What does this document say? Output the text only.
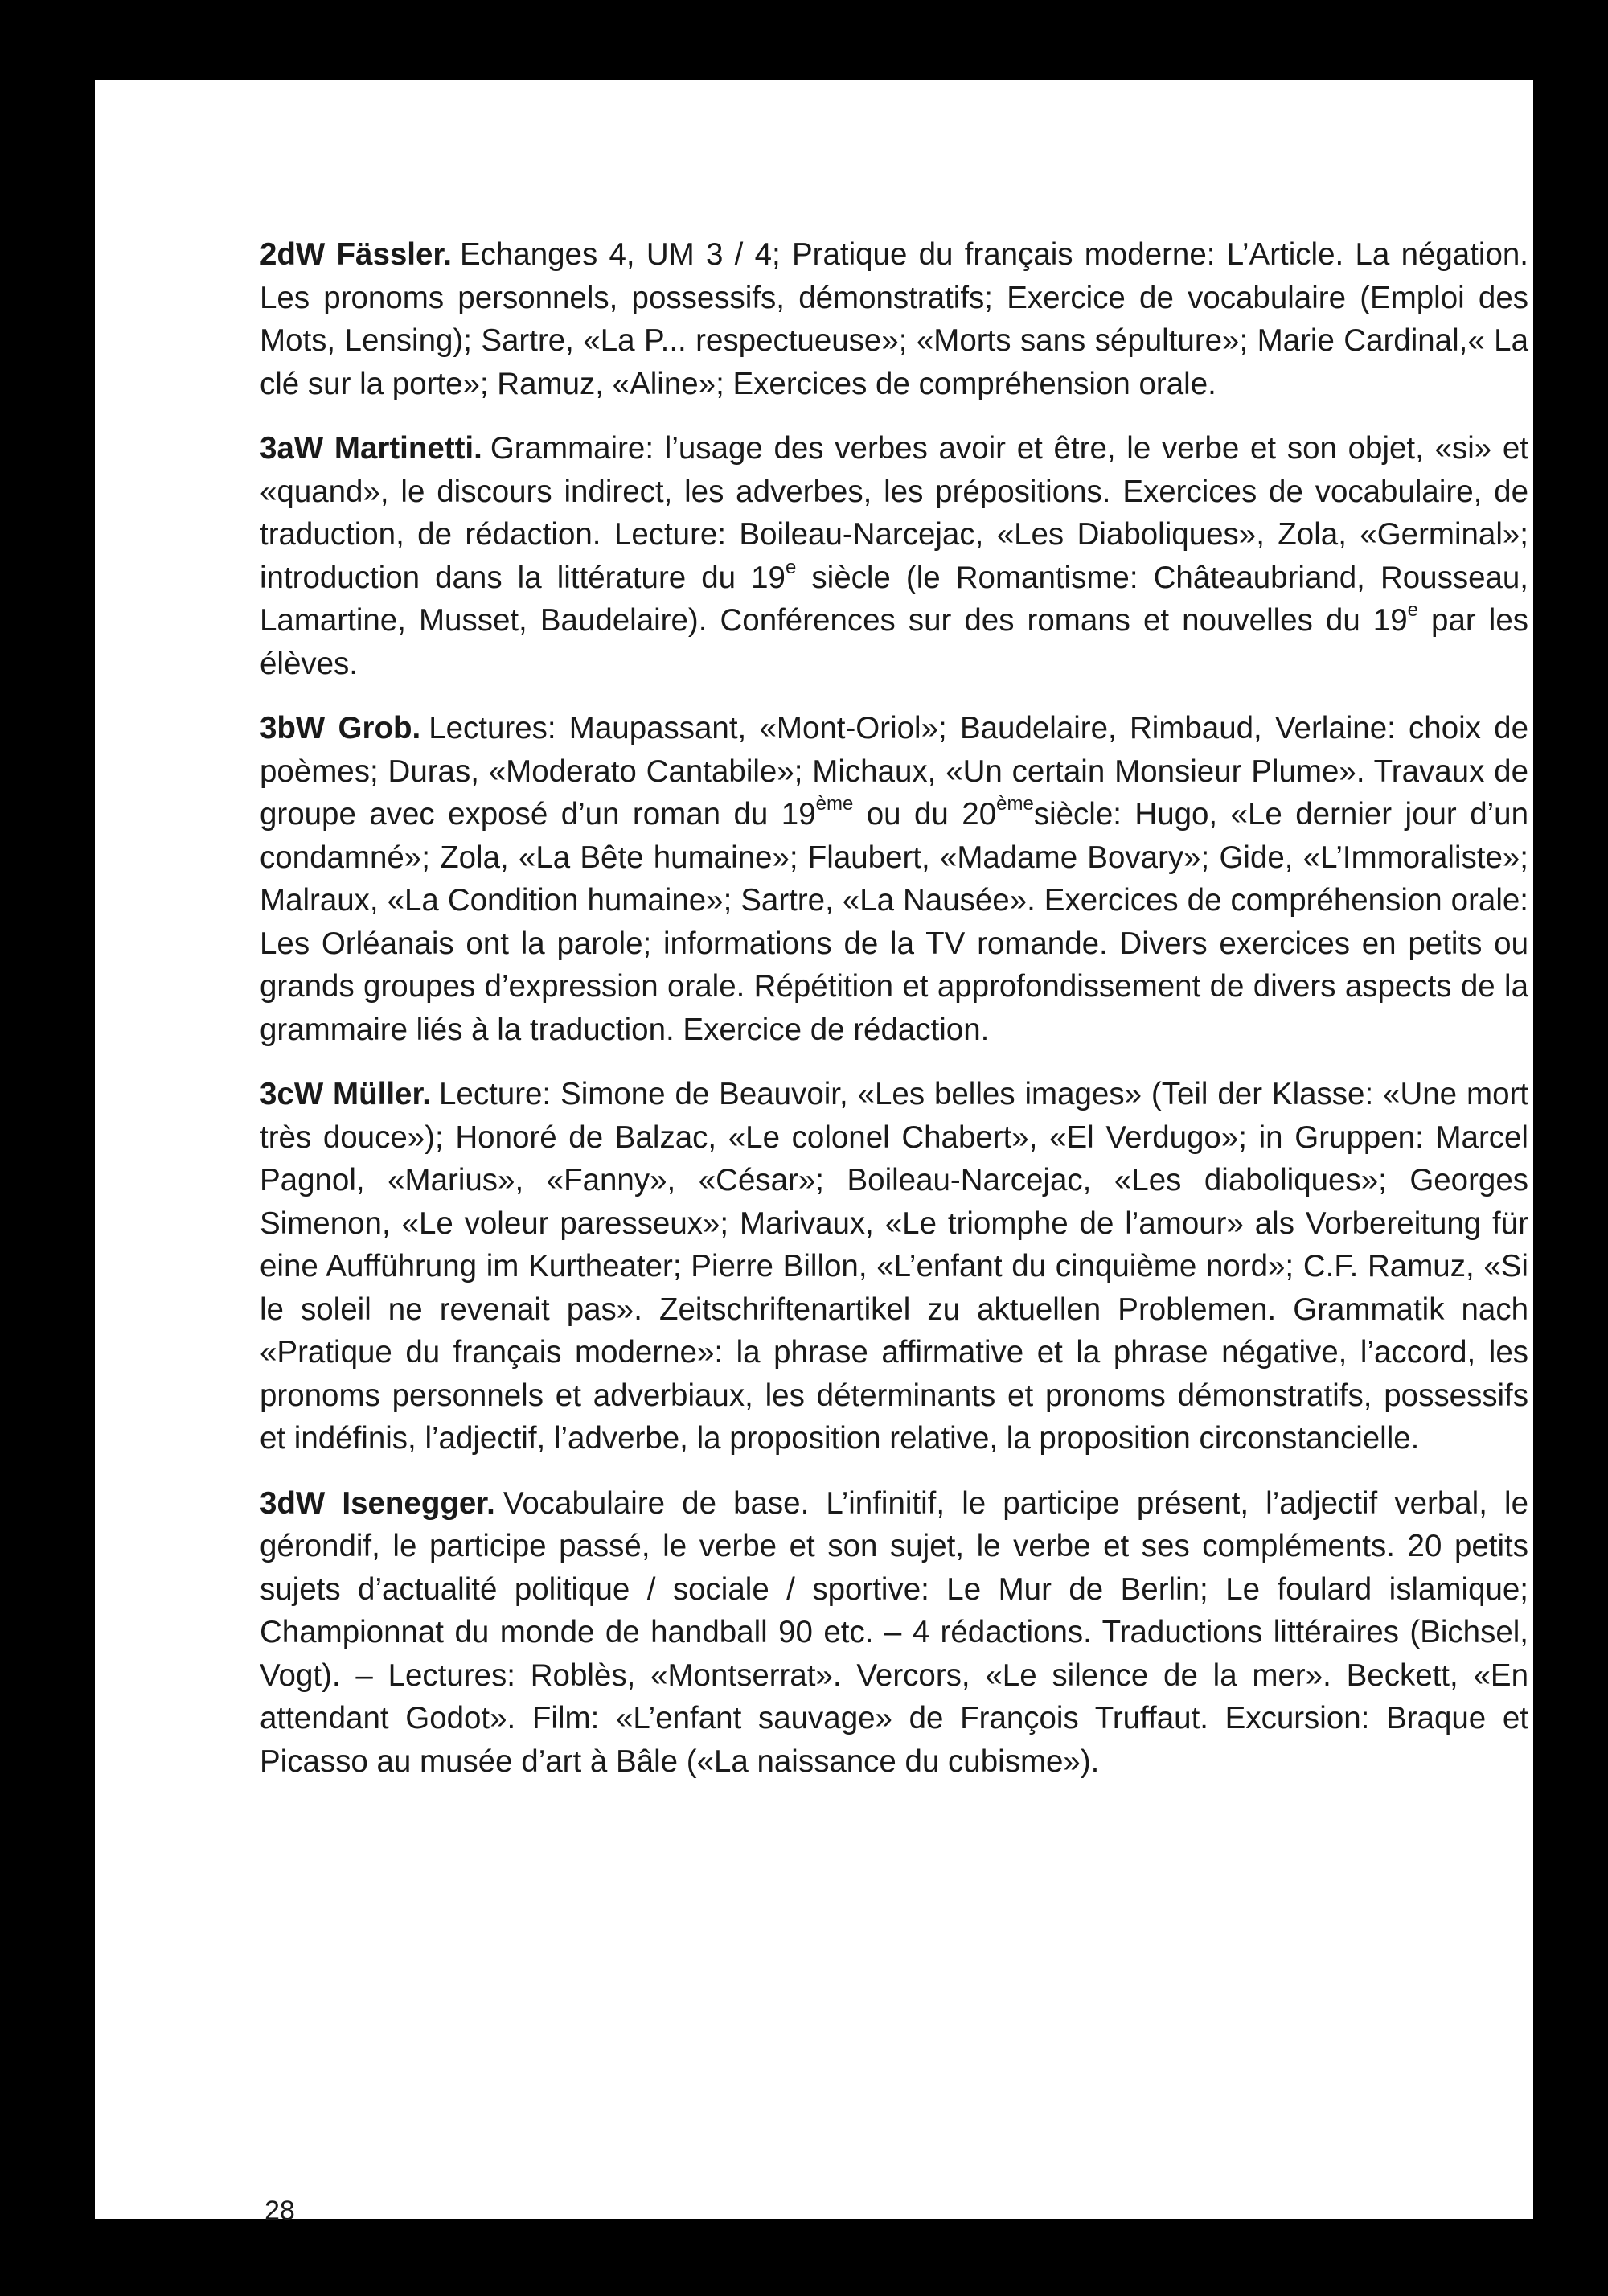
2dW Fässler. Echanges 4, UM 3 / 4; Pratique du français moderne: L’Article. La négation. Les pronoms personnels, possessifs, démonstratifs; Exercice de vocabulaire (Emploi des Mots, Lensing); Sartre, «La P... respectueuse»; «Morts sans sépulture»; Marie Cardinal,« La clé sur la porte»; Ramuz, «Aline»; Exercices de compréhension orale.

3aW Martinetti. Grammaire: l’usage des verbes avoir et être, le verbe et son objet, «si» et «quand», le discours indirect, les adverbes, les prépositions. Exercices de vocabulaire, de traduction, de rédaction. Lecture: Boileau-Narcejac, «Les Diaboliques», Zola, «Germinal»; introduction dans la littérature du 19e siècle (le Romantisme: Châteaubriand, Rousseau, Lamartine, Musset, Baudelaire). Conférences sur des romans et nouvelles du 19e par les élèves.

3bW Grob. Lectures: Maupassant, «Mont-Oriol»; Baudelaire, Rimbaud, Verlaine: choix de poèmes; Duras, «Moderato Cantabile»; Michaux, «Un certain Monsieur Plume». Travaux de groupe avec exposé d’un roman du 19ème ou du 20èmesiècle: Hugo, «Le dernier jour d’un condamné»; Zola, «La Bête humaine»; Flaubert, «Madame Bovary»; Gide, «L’Immoraliste»; Malraux, «La Condition humaine»; Sartre, «La Nausée». Exercices de compréhension orale: Les Orléanais ont la parole; informations de la TV romande. Divers exercices en petits ou grands groupes d’expression orale. Répétition et approfondissement de divers aspects de la grammaire liés à la traduction. Exercice de rédaction.

3cW Müller. Lecture: Simone de Beauvoir, «Les belles images» (Teil der Klasse: «Une mort très douce»); Honoré de Balzac, «Le colonel Chabert», «El Verdugo»; in Gruppen: Marcel Pagnol, «Marius», «Fanny», «César»; Boileau-Narcejac, «Les diaboliques»; Georges Simenon, «Le voleur paresseux»; Marivaux, «Le triomphe de l’amour» als Vorbereitung für eine Aufführung im Kurtheater; Pierre Billon, «L’enfant du cinquième nord»; C.F. Ramuz, «Si le soleil ne revenait pas». Zeitschriftenartikel zu aktuellen Problemen. Grammatik nach «Pratique du français moderne»: la phrase affirmative et la phrase négative, l’accord, les pronoms personnels et adverbiaux, les déterminants et pronoms démonstratifs, possessifs et indéfinis, l’adjectif, l’adverbe, la proposition relative, la proposition circonstancielle.

3dW Isenegger. Vocabulaire de base. L’infinitif, le participe présent, l’adjectif verbal, le gérondif, le participe passé, le verbe et son sujet, le verbe et ses compléments. 20 petits sujets d’actualité politique / sociale / sportive: Le Mur de Berlin; Le foulard islamique; Championnat du monde de handball 90 etc. – 4 rédactions. Traductions littéraires (Bichsel, Vogt). – Lectures: Roblès, «Montserrat». Vercors, «Le silence de la mer». Beckett, «En attendant Godot». Film: «L’enfant sauvage» de François Truffaut. Excursion: Braque et Picasso au musée d’art à Bâle («La naissance du cubisme»).

28
